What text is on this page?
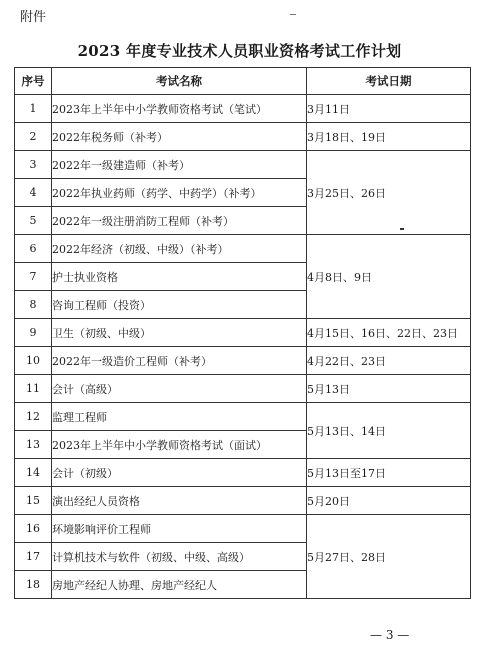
附件
2023 年度专业技术人员职业资格考试工作计划
序号	考试名称	考试日期
1	2023年上半年中小学教师资格考试（笔试）	3月11日
2	2022年税务师（补考）	3月18日、19日
3	2022年一级建造师（补考）	3月25日、26日
4	2022年执业药师（药学、中药学）（补考）	
5	2022年一级注册消防工程师（补考）	
6	2022年经济（初级、中级）（补考）	4月8日、9日
7	护士执业资格	
8	咨询工程师（投资）	
9	卫生（初级、中级）	4月15日、16日、22日、23日
10	2022年一级造价工程师（补考）	4月22日、23日
11	会计（高级）	5月13日
12	监理工程师	5月13日、14日
13	2023年上半年中小学教师资格考试（面试）	
14	会计（初级）	5月13日至17日
15	演出经纪人员资格	5月20日
16	环境影响评价工程师	5月27日、28日
17	计算机技术与软件（初级、中级、高级）	
18	房地产经纪人协理、房地产经纪人	
— 3 —
